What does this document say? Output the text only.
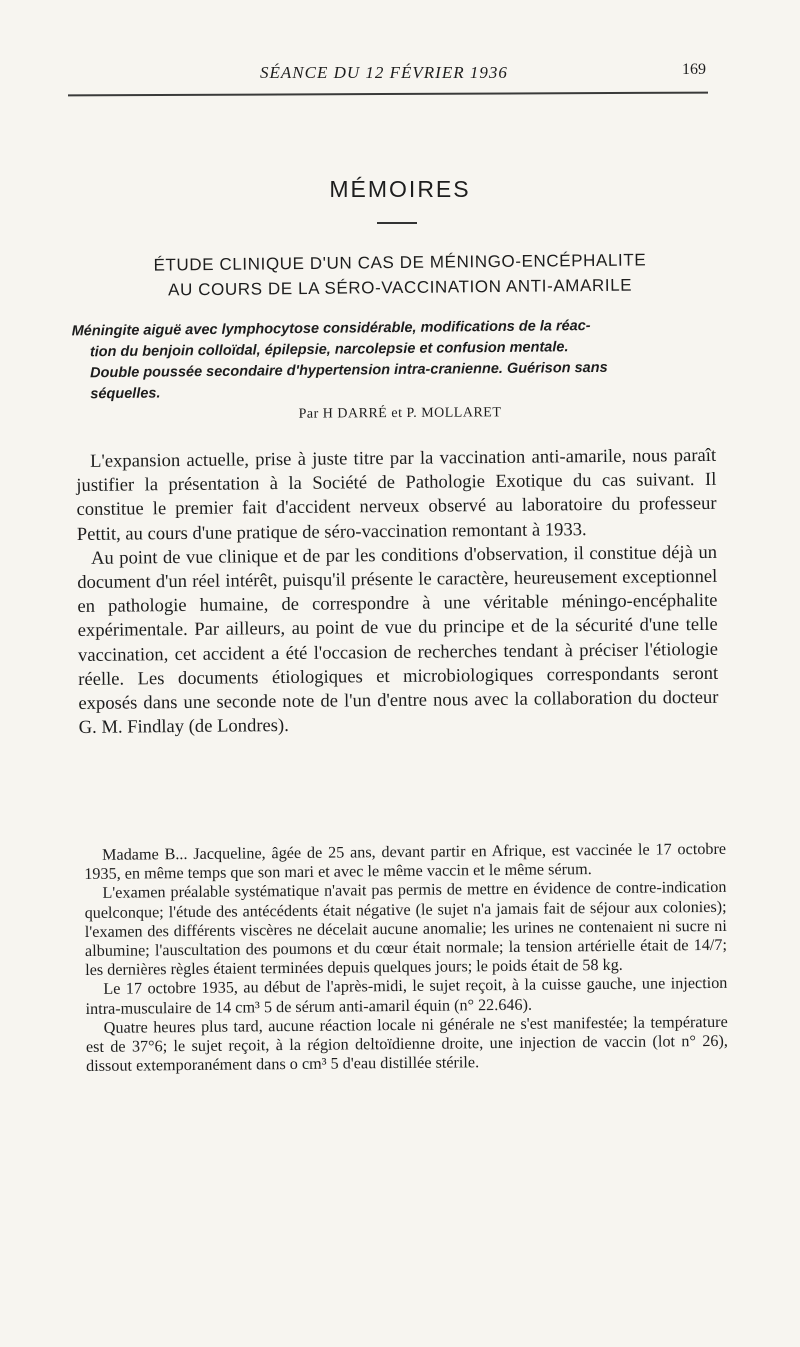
SÉANCE DU 12 FÉVRIER 1936	169
MÉMOIRES
ÉTUDE CLINIQUE D'UN CAS DE MÉNINGO-ENCÉPHALITE
AU COURS DE LA SÉRO-VACCINATION ANTI-AMARILE
Méningite aiguë avec lymphocytose considérable, modifications de la réac-
tion du benjoin colloïdal, épilepsie, narcolepsie et confusion mentale.
Double poussée secondaire d'hypertension intra-cranienne. Guérison sans
séquelles.
Par H DARRÉ et P. MOLLARET

L'expansion actuelle, prise à juste titre par la vaccination anti-amarile, nous paraît justifier la présentation à la Société de Pathologie Exotique du cas suivant. Il constitue le premier fait d'accident nerveux observé au laboratoire du professeur Pettit, au cours d'une pratique de séro-vaccination remontant à 1933.

Au point de vue clinique et de par les conditions d'observation, il constitue déjà un document d'un réel intérêt, puisqu'il présente le caractère, heureusement exceptionnel en pathologie humaine, de correspondre à une véritable méningo-encéphalite expérimentale. Par ailleurs, au point de vue du principe et de la sécurité d'une telle vaccination, cet accident a été l'occasion de recherches tendant à préciser l'étiologie réelle. Les documents étiologiques et microbiologiques correspondants seront exposés dans une seconde note de l'un d'entre nous avec la collaboration du docteur G. M. Findlay (de Londres).

Madame B... Jacqueline, âgée de 25 ans, devant partir en Afrique, est vaccinée le 17 octobre 1935, en même temps que son mari et avec le même vaccin et le même sérum.

L'examen préalable systématique n'avait pas permis de mettre en évidence de contre-indication quelconque; l'étude des antécédents était négative (le sujet n'a jamais fait de séjour aux colonies); l'examen des différents viscères ne décelait aucune anomalie; les urines ne contenaient ni sucre ni albumine; l'auscultation des poumons et du cœur était normale; la tension artérielle était de 14/7; les dernières règles étaient terminées depuis quelques jours; le poids était de 58 kg.

Le 17 octobre 1935, au début de l'après-midi, le sujet reçoit, à la cuisse gauche, une injection intra-musculaire de 14 cm³ 5 de sérum anti-amaril équin (n° 22.646).

Quatre heures plus tard, aucune réaction locale ni générale ne s'est manifestée; la température est de 37°6; le sujet reçoit, à la région deltoïdienne droite, une injection de vaccin (lot n° 26), dissout extemporanément dans o cm³ 5 d'eau distillée stérile.
